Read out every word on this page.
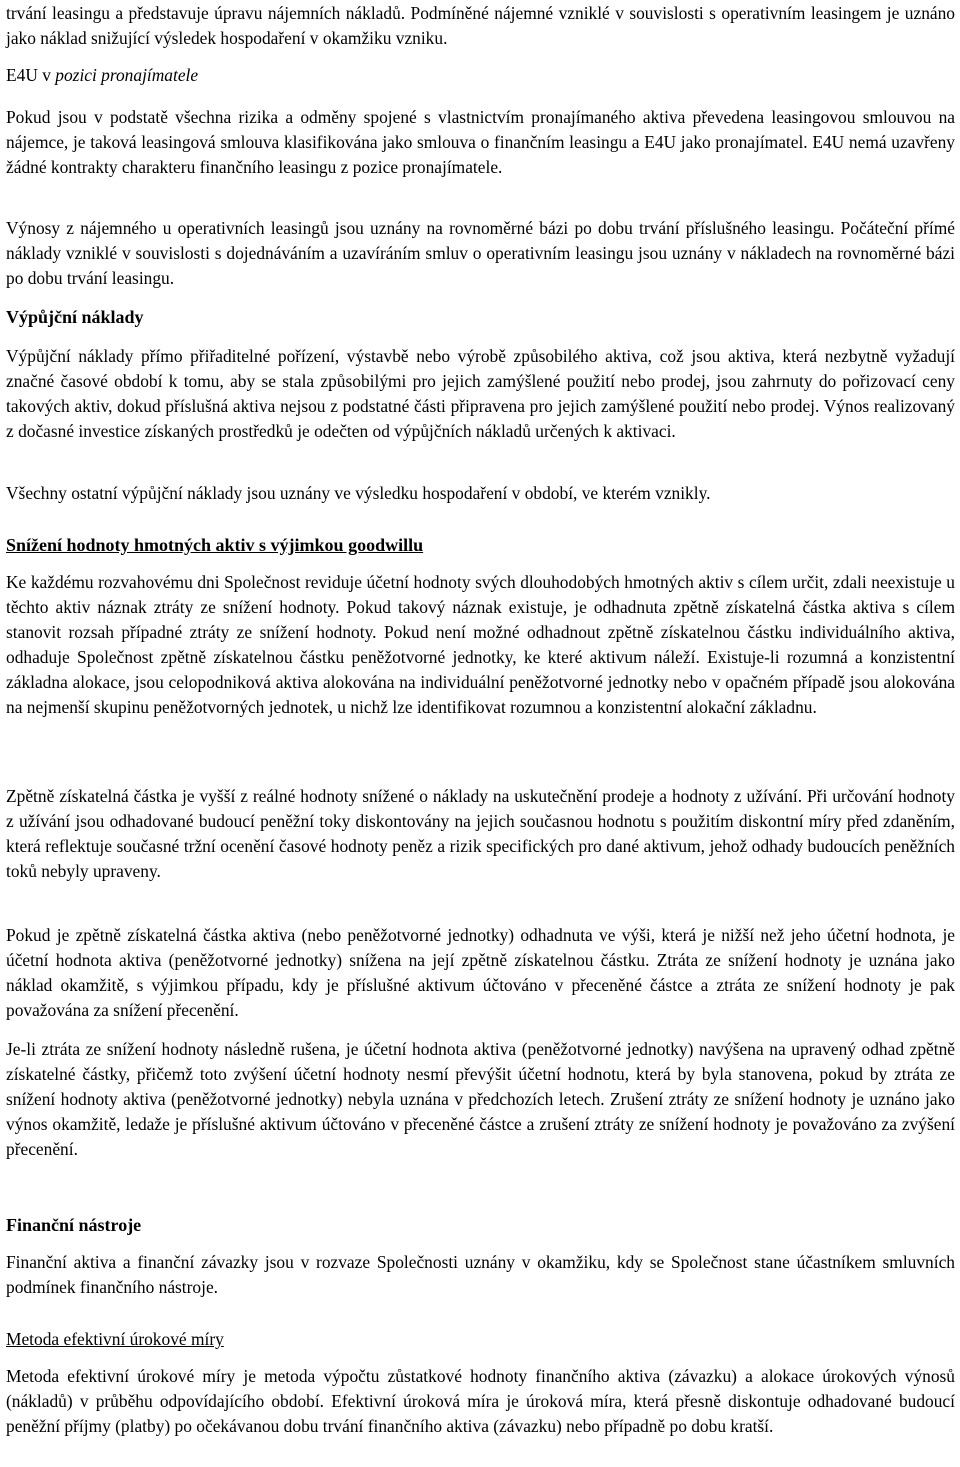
trvání leasingu a představuje úpravu nájemních nákladů. Podmíněné nájemné vzniklé v souvislosti s operativním leasingem je uznáno jako náklad snižující výsledek hospodaření v okamžiku vzniku.

E4U v pozici pronajímatele

Pokud jsou v podstatě všechna rizika a odměny spojené s vlastnictvím pronajímaného aktiva převedena leasingovou smlouvou na nájemce, je taková leasingová smlouva klasifikována jako smlouva o finančním leasingu a E4U jako pronajímatel. E4U nemá uzavřeny žádné kontrakty charakteru finančního leasingu z pozice pronajímatele.

Výnosy z nájemného u operativních leasingů jsou uznány na rovnoměrné bázi po dobu trvání příslušného leasingu. Počáteční přímé náklady vzniklé v souvislosti s dojednáváním a uzavíráním smluv o operativním leasingu jsou uznány v nákladech na rovnoměrné bázi po dobu trvání leasingu.

Výpůjční náklady

Výpůjční náklady přímo přiřaditelné pořízení, výstavbě nebo výrobě způsobilého aktiva, což jsou aktiva, která nezbytně vyžadují značné časové období k tomu, aby se stala způsobilými pro jejich zamýšlené použití nebo prodej, jsou zahrnuty do pořizovací ceny takových aktiv, dokud příslušná aktiva nejsou z podstatné části připravena pro jejich zamýšlené použití nebo prodej. Výnos realizovaný z dočasné investice získaných prostředků je odečten od výpůjčních nákladů určených k aktivaci.

Všechny ostatní výpůjční náklady jsou uznány ve výsledku hospodaření v období, ve kterém vznikly.

Snížení hodnoty hmotných aktiv s výjimkou goodwillu

Ke každému rozvahovému dni Společnost reviduje účetní hodnoty svých dlouhodobých hmotných aktiv s cílem určit, zdali neexistuje u těchto aktiv náznak ztráty ze snížení hodnoty. Pokud takový náznak existuje, je odhadnuta zpětně získatelná částka aktiva s cílem stanovit rozsah případné ztráty ze snížení hodnoty. Pokud není možné odhadnout zpětně získatelnou částku individuálního aktiva, odhaduje Společnost zpětně získatelnou částku peněžotvorné jednotky, ke které aktivum náleží. Existuje-li rozumná a konzistentní základna alokace, jsou celopodniková aktiva alokována na individuální peněžotvorné jednotky nebo v opačném případě jsou alokována na nejmenší skupinu peněžotvorných jednotek, u nichž lze identifikovat rozumnou a konzistentní alokační základnu.

Zpětně získatelná částka je vyšší z reálné hodnoty snížené o náklady na uskutečnění prodeje a hodnoty z užívání. Při určování hodnoty z užívání jsou odhadované budoucí peněžní toky diskontovány na jejich současnou hodnotu s použitím diskontní míry před zdaněním, která reflektuje současné tržní ocenění časové hodnoty peněz a rizik specifických pro dané aktivum, jehož odhady budoucích peněžních toků nebyly upraveny.

Pokud je zpětně získatelná částka aktiva (nebo peněžotvorné jednotky) odhadnuta ve výši, která je nižší než jeho účetní hodnota, je účetní hodnota aktiva (peněžotvorné jednotky) snížena na její zpětně získatelnou částku. Ztráta ze snížení hodnoty je uznána jako náklad okamžitě, s výjimkou případu, kdy je příslušné aktivum účtováno v přeceněné částce a ztráta ze snížení hodnoty je pak považována za snížení přecenění.

Je-li ztráta ze snížení hodnoty následně rušena, je účetní hodnota aktiva (peněžotvorné jednotky) navýšena na upravený odhad zpětně získatelné částky, přičemž toto zvýšení účetní hodnoty nesmí převýšit účetní hodnotu, která by byla stanovena, pokud by ztráta ze snížení hodnoty aktiva (peněžotvorné jednotky) nebyla uznána v předchozích letech. Zrušení ztráty ze snížení hodnoty je uznáno jako výnos okamžitě, ledaže je příslušné aktivum účtováno v přeceněné částce a zrušení ztráty ze snížení hodnoty je považováno za zvýšení přecenění.

Finanční nástroje

Finanční aktiva a finanční závazky jsou v rozvaze Společnosti uznány v okamžiku, kdy se Společnost stane účastníkem smluvních podmínek finančního nástroje.

Metoda efektivní úrokové míry

Metoda efektivní úrokové míry je metoda výpočtu zůstatkové hodnoty finančního aktiva (závazku) a alokace úrokových výnosů (nákladů) v průběhu odpovídajícího období. Efektivní úroková míra je úroková míra, která přesně diskontuje odhadované budoucí peněžní příjmy (platby) po očekávanou dobu trvání finančního aktiva (závazku) nebo případně po dobu kratší.
